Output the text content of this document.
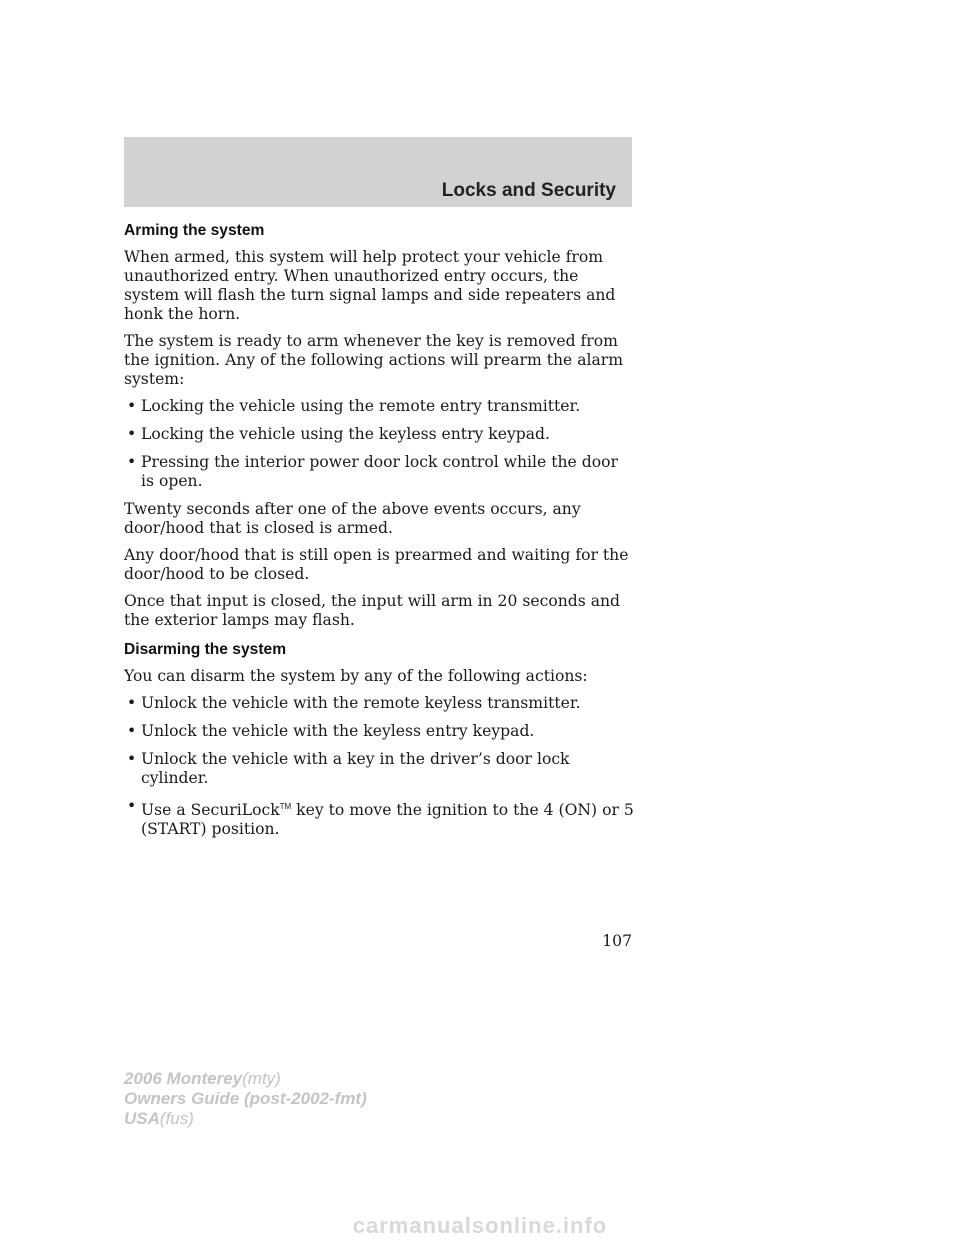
Locks and Security
Arming the system

When armed, this system will help protect your vehicle from unauthorized entry. When unauthorized entry occurs, the system will flash the turn signal lamps and side repeaters and honk the horn.

The system is ready to arm whenever the key is removed from the ignition. Any of the following actions will prearm the alarm system:

• Locking the vehicle using the remote entry transmitter.
• Locking the vehicle using the keyless entry keypad.
• Pressing the interior power door lock control while the door is open.

Twenty seconds after one of the above events occurs, any door/hood that is closed is armed.

Any door/hood that is still open is prearmed and waiting for the door/hood to be closed.

Once that input is closed, the input will arm in 20 seconds and the exterior lamps may flash.

Disarming the system

You can disarm the system by any of the following actions:

• Unlock the vehicle with the remote keyless transmitter.
• Unlock the vehicle with the keyless entry keypad.
• Unlock the vehicle with a key in the driver’s door lock cylinder.
• Use a SecuriLock™ key to move the ignition to the 4 (ON) or 5 (START) position.
107
2006 Monterey(mty)
Owners Guide (post-2002-fmt)
USA(fus)
carmanualsonline.info
